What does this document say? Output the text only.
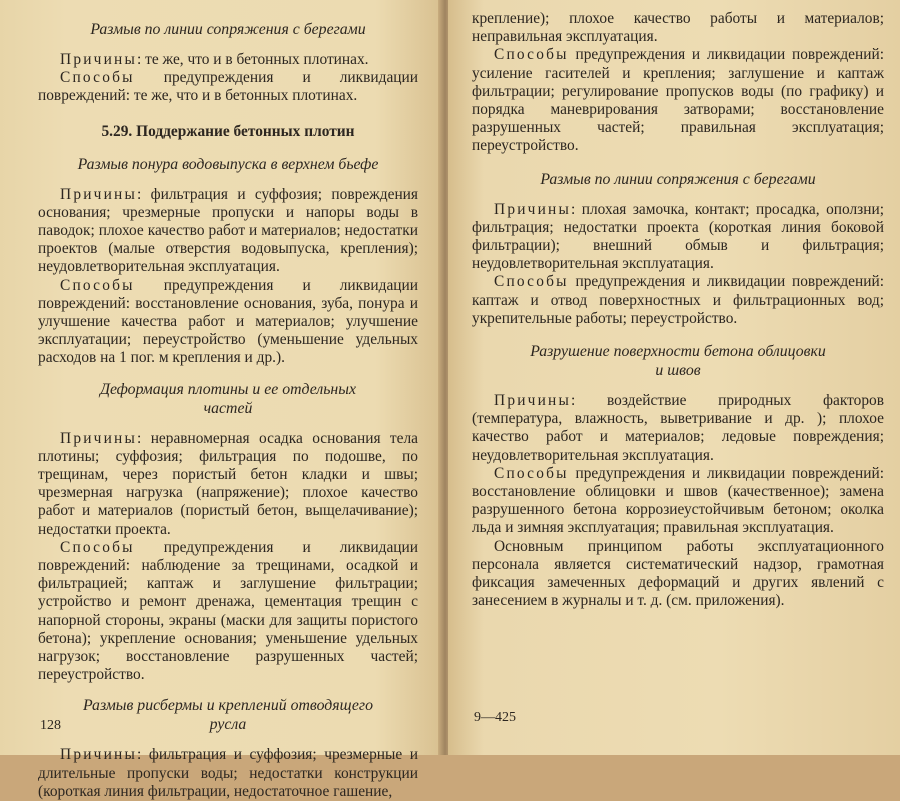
Размыв по линии сопряжения с берегами

Причины: те же, что и в бетонных плотинах.

Способы предупреждения и ликвидации повреждений: те же, что и в бетонных плотинах.

5.29. Поддержание бетонных плотин

Размыв понура водовыпуска в верхнем бьефе

Причины: фильтрация и суффозия; повреждения основания; чрезмерные пропуски и напоры воды в паводок; плохое качество работ и материалов; недостатки проектов (малые отверстия водовыпуска, крепления); неудовлетворительная эксплуатация.

Способы предупреждения и ликвидации повреждений: восстановление основания, зуба, понура и улучшение качества работ и материалов; улучшение эксплуатации; переустройство (уменьшение удельных расходов на 1 пог. м крепления и др.).

Деформация плотины и ее отдельных
частей

Причины: неравномерная осадка основания тела плотины; суффозия; фильтрация по подошве, по трещинам, через пористый бетон кладки и швы; чрезмерная нагрузка (напряжение); плохое качество работ и материалов (пористый бетон, выщелачивание); недостатки проекта.

Способы предупреждения и ликвидации повреждений: наблюдение за трещинами, осадкой и фильтрацией; каптаж и заглушение фильтрации; устройство и ремонт дренажа, цементация трещин с напорной стороны, экраны (маски для защиты пористого бетона); укрепление основания; уменьшение удельных нагрузок; восстановление разрушенных частей; переустройство.

Размыв рисбермы и креплений отводящего
русла

Причины: фильтрация и суффозия; чрезмерные и длительные пропуски воды; недостатки конструкции (короткая линия фильтрации, недостаточное гашение,

128

крепление); плохое качество работы и материалов; неправильная эксплуатация.

Способы предупреждения и ликвидации повреждений: усиление гасителей и крепления; заглушение и каптаж фильтрации; регулирование пропусков воды (по графику) и порядка маневрирования затворами; восстановление разрушенных частей; правильная эксплуатация; переустройство.

Размыв по линии сопряжения с берегами

Причины: плохая замочка, контакт; просадка, оползни; фильтрация; недостатки проекта (короткая линия боковой фильтрации); внешний обмыв и фильтрация; неудовлетворительная эксплуатация.

Способы предупреждения и ликвидации повреждений: каптаж и отвод поверхностных и фильтрационных вод; укрепительные работы; переустройство.

Разрушение поверхности бетона облицовки
и швов

Причины: воздействие природных факторов (температура, влажность, выветривание и др. ); плохое качество работ и материалов; ледовые повреждения; неудовлетворительная эксплуатация.

Способы предупреждения и ликвидации повреждений: восстановление облицовки и швов (качественное); замена разрушенного бетона коррозиеустойчивым бетоном; околка льда и зимняя эксплуатация; правильная эксплуатация.

Основным принципом работы эксплуатационного персонала является систематический надзор, грамотная фиксация замеченных деформаций и других явлений с занесением в журналы и т. д. (см. приложения).

9—425
